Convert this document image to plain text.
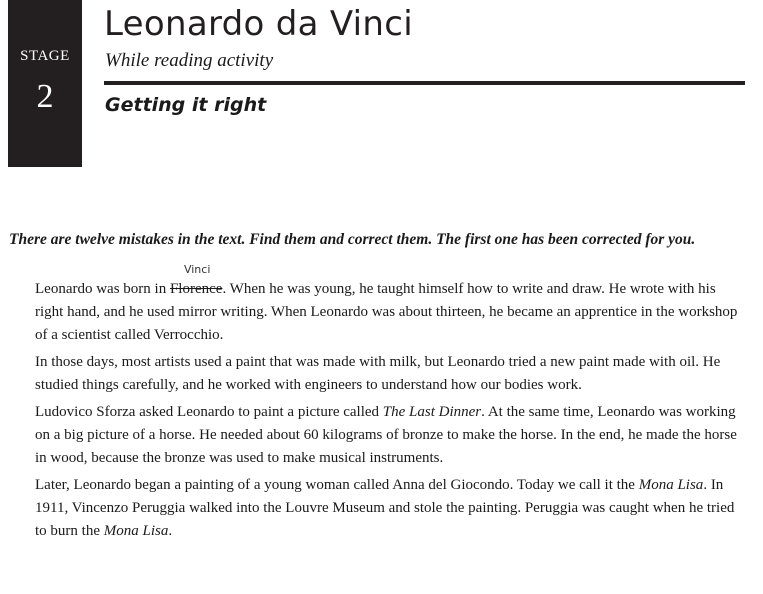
STAGE
2
Leonardo da Vinci
While reading activity
Getting it right

There are twelve mistakes in the text. Find them and correct them. The first one has been corrected for you.

Leonardo was born in Florence
Vinci
. When he was young, he taught himself how to write and draw. He wrote with his right hand, and he used mirror writing. When Leonardo was about thirteen, he became an apprentice in the workshop of a scientist called Verrocchio.

In those days, most artists used a paint that was made with milk, but Leonardo tried a new paint made with oil. He studied things carefully, and he worked with engineers to understand how our bodies work.

Ludovico Sforza asked Leonardo to paint a picture called The Last Dinner. At the same time, Leonardo was working on a big picture of a horse. He needed about 60 kilograms of bronze to make the horse. In the end, he made the horse in wood, because the bronze was used to make musical instruments.

Later, Leonardo began a painting of a young woman called Anna del Giocondo. Today we call it the Mona Lisa. In 1911, Vincenzo Peruggia walked into the Louvre Museum and stole the painting. Peruggia was caught when he tried to burn the Mona Lisa.
